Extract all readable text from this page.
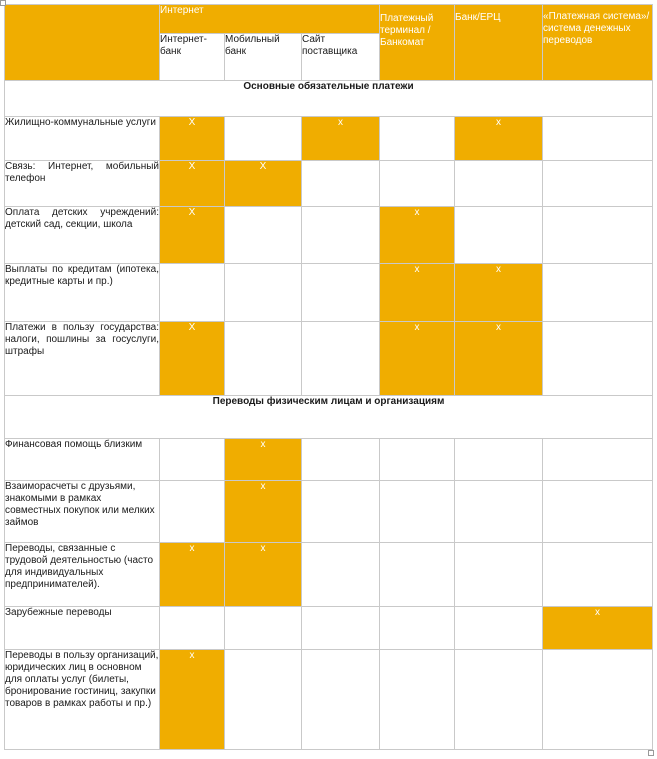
	Интернет			Платежный терминал / Банкомат	Банк/ЕРЦ	«Платежная система»/система денежных переводов
	Интернет-банк	Мобильный банк	Сайт поставщика			
Основные обязательные платежи						
Жилищно-коммунальные услуги	X		x		x	
Связь: Интернет, мобильный телефон	X	X				
Оплата детских учреждений: детский сад, секции, школа	X			x		
Выплаты по кредитам (ипотека, кредитные карты и пр.)				x	x	
Платежи в пользу государства: налоги, пошлины за госуслуги, штрафы	X			x	x	
Переводы физическим лицам и организациям						
Финансовая помощь близким		x				
Взаиморасчеты с друзьями, знакомыми в рамках совместных покупок или мелких займов		x				
Переводы, связанные с трудовой деятельностью (часто для индивидуальных предпринимателей).	x	x				
Зарубежные переводы						x
Переводы в пользу организаций, юридических лиц в основном для оплаты услуг (билеты, бронирование гостиниц, закупки товаров в рамках работы и пр.)	x					
